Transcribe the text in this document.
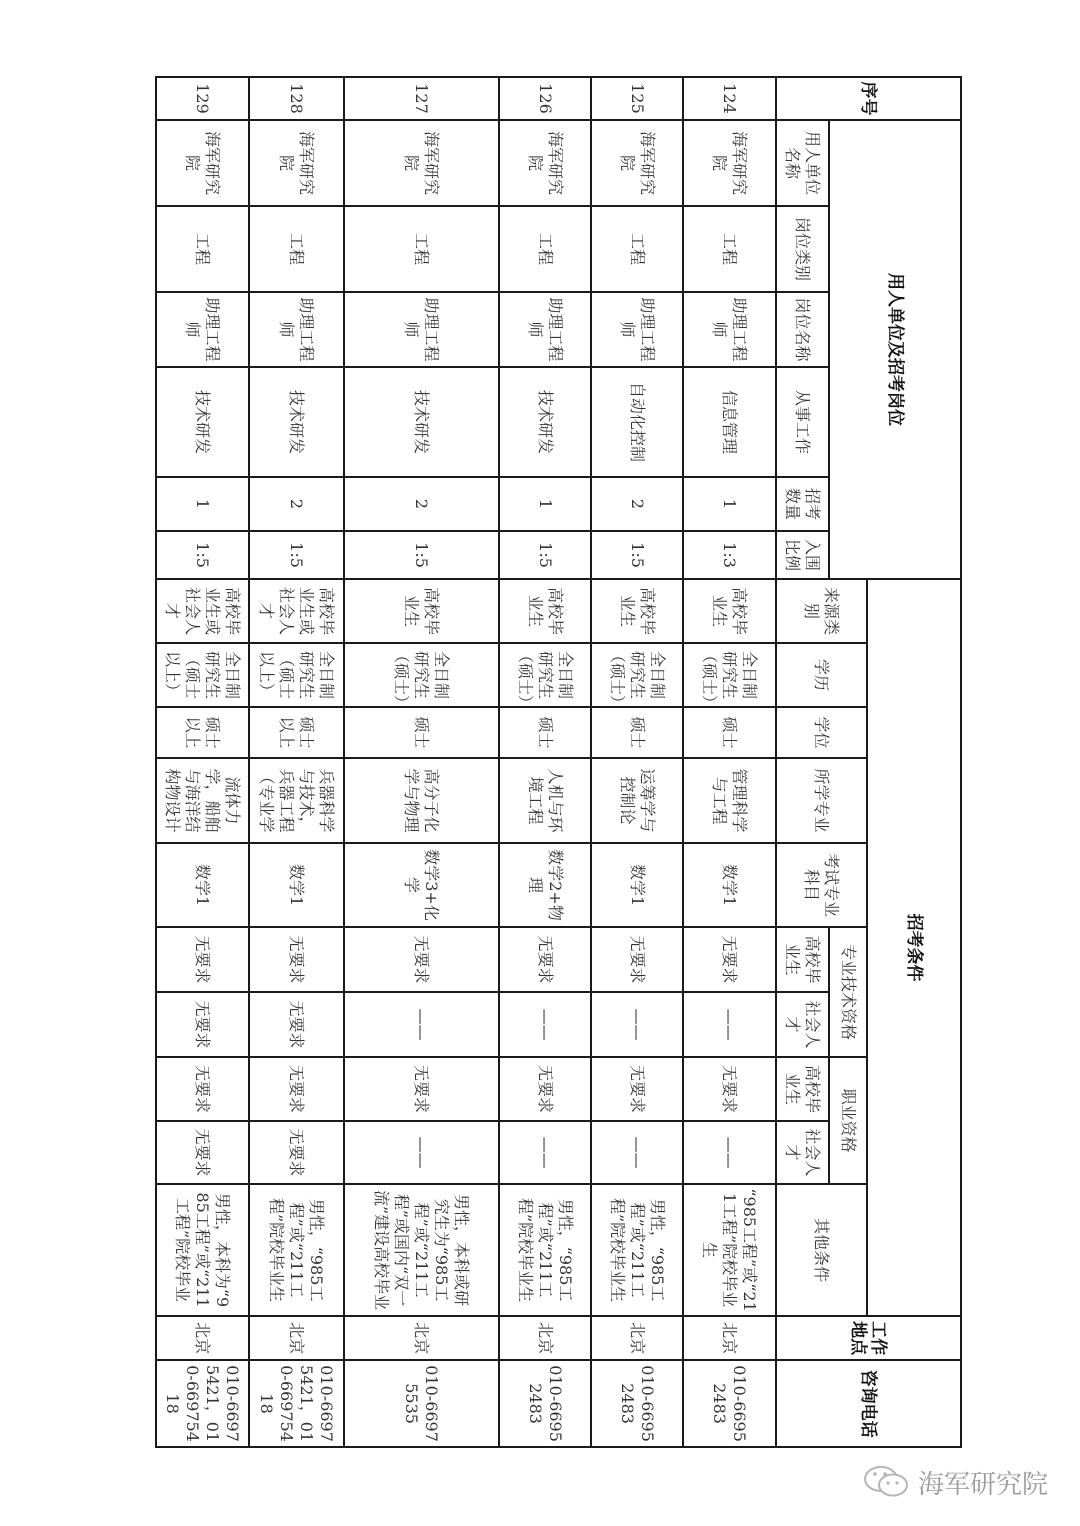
序号	用人单位及招考岗位						招考条件										工作地点	咨询电话
							来源类别	学历	学位	所学专业	考试专业科目	专业技术资格		职业资格		其他条件		
	用人单位名称	岗位类别	岗位名称	从事工作	招考数量	入围比例						高校毕业生	社会人才	高校毕业生	社会人才			
124	海军研究院	工程	助理工程师	信息管理	1	1:3	高校毕业生	全日制研究生（硕士）	硕士	管理科学与工程	数学1	无要求	——	无要求	——	“985工程”或“211工程”院校毕业生	北京	010-66952483
125	海军研究院	工程	助理工程师	自动化控制	2	1:5	高校毕业生	全日制研究生（硕士）	硕士	运筹学与控制论	数学1	无要求	——	无要求	——	男性，“985工程”或“211工程”院校毕业生	北京	010-66952483
126	海军研究院	工程	助理工程师	技术研发	1	1:5	高校毕业生	全日制研究生（硕士）	硕士	人机与环境工程	数学2+物理	无要求	——	无要求	——	男性，“985工程”或“211工程”院校毕业生	北京	010-66952483
127	海军研究院	工程	助理工程师	技术研发	2	1:5	高校毕业生	全日制研究生（硕士）	硕士	高分子化学与物理	数学3+化学	无要求	——	无要求	——	男性，本科或研究生为“985工程”或“211工程”或国内“双一流”建设高校毕业	北京	010-66975535
128	海军研究院	工程	助理工程师	技术研发	2	1:5	高校毕业生或社会人才	全日制研究生（硕士以上）	硕士以上	兵器科学与技术，兵器工程（专业学	数学1	无要求	无要求	无要求	无要求	男性，“985工程”或“211工程”院校毕业生	北京	010-66975421，010-66975418
129	海军研究院	工程	助理工程师	技术研发	1	1:5	高校毕业生或社会人才	全日制研究生（硕士以上）	硕士以上	流体力学，船舶与海洋结构物设计	数学1	无要求	无要求	无要求	无要求	男性，本科为“985工程”或“211工程”院校毕业	北京	010-66975421，010-66975418
海军研究院
